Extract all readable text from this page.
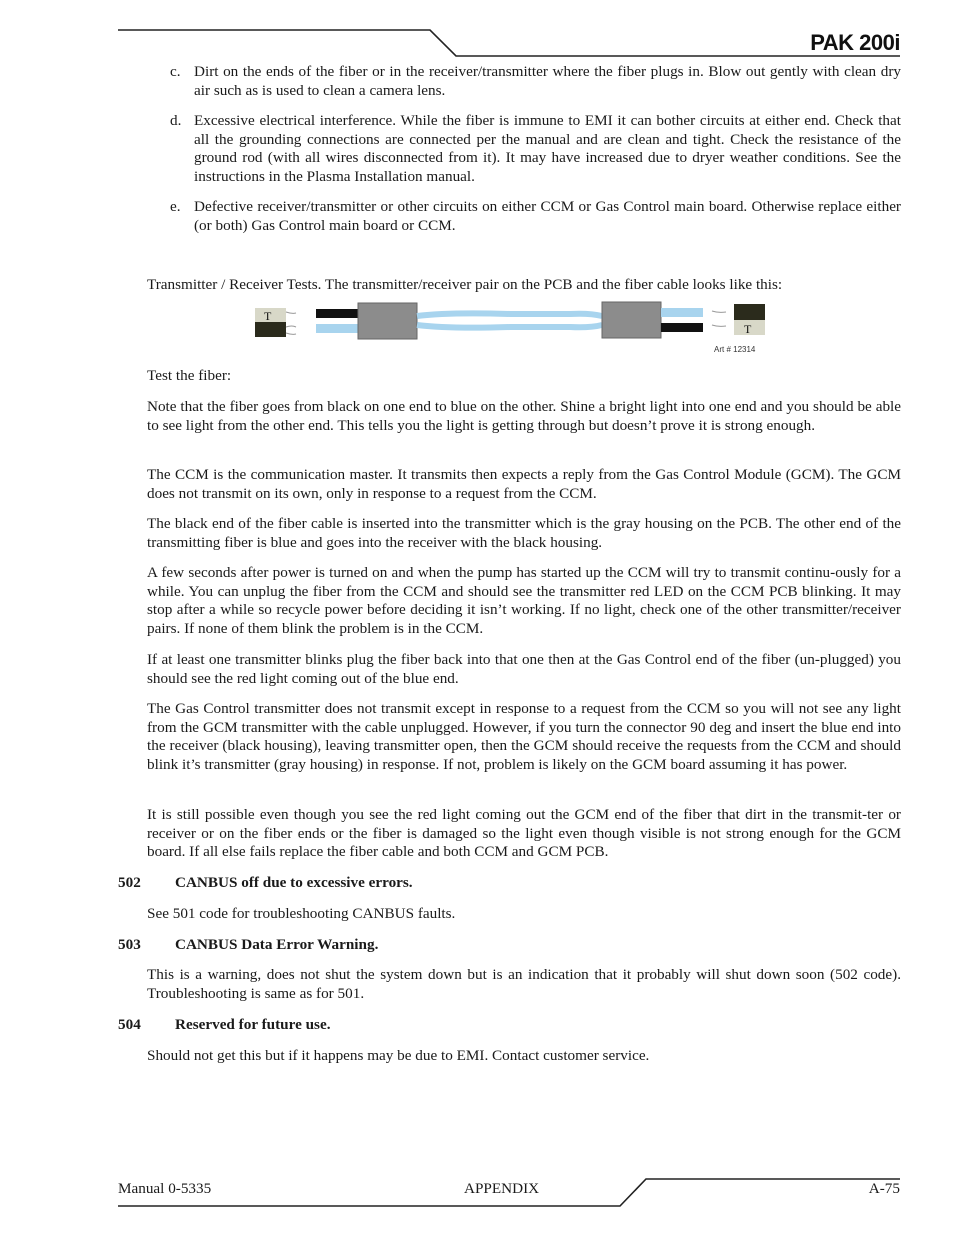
PAK 200i
c. Dirt on the ends of the fiber or in the receiver/transmitter where the fiber plugs in. Blow out gently with clean dry air such as is used to clean a camera lens.

d. Excessive electrical interference. While the fiber is immune to EMI it can bother circuits at either end. Check that all the grounding connections are connected per the manual and are clean and tight. Check the resistance of the ground rod (with all wires disconnected from it). It may have increased due to dryer weather conditions. See the instructions in the Plasma Installation manual.

e. Defective receiver/transmitter or other circuits on either CCM or Gas Control main board. Otherwise replace either (or both) Gas Control main board or CCM.

Transmitter / Receiver Tests. The transmitter/receiver pair on the PCB and the fiber cable looks like this:

T
T
Art # 12314

Test the fiber:

Note that the fiber goes from black on one end to blue on the other. Shine a bright light into one end and you should be able to see light from the other end. This tells you the light is getting through but doesn’t prove it is strong enough.

The CCM is the communication master. It transmits then expects a reply from the Gas Control Module (GCM). The GCM does not transmit on its own, only in response to a request from the CCM.

The black end of the fiber cable is inserted into the transmitter which is the gray housing on the PCB. The other end of the transmitting fiber is blue and goes into the receiver with the black housing.

A few seconds after power is turned on and when the pump has started up the CCM will try to transmit continu-ously for a while. You can unplug the fiber from the CCM and should see the transmitter red LED on the CCM PCB blinking. It may stop after a while so recycle power before deciding it isn’t working. If no light, check one of the other transmitter/receiver pairs. If none of them blink the problem is in the CCM.

If at least one transmitter blinks plug the fiber back into that one then at the Gas Control end of the fiber (un-plugged) you should see the red light coming out of the blue end.

The Gas Control transmitter does not transmit except in response to a request from the CCM so you will not see any light from the GCM transmitter with the cable unplugged. However, if you turn the connector 90 deg and insert the blue end into the receiver (black housing), leaving transmitter open, then the GCM should receive the requests from the CCM and should blink it’s transmitter (gray housing) in response. If not, problem is likely on the GCM board assuming it has power.

It is still possible even though you see the red light coming out the GCM end of the fiber that dirt in the transmit-ter or receiver or on the fiber ends or the fiber is damaged so the light even though visible is not strong enough for the GCM board. If all else fails replace the fiber cable and both CCM and GCM PCB.

502 CANBUS off due to excessive errors.

See 501 code for troubleshooting CANBUS faults.

503 CANBUS Data Error Warning.

This is a warning, does not shut the system down but is an indication that it probably will shut down soon (502 code). Troubleshooting is same as for 501.

504 Reserved for future use.

Should not get this but if it happens may be due to EMI. Contact customer service.

Manual 0-5335	APPENDIX	A-75
